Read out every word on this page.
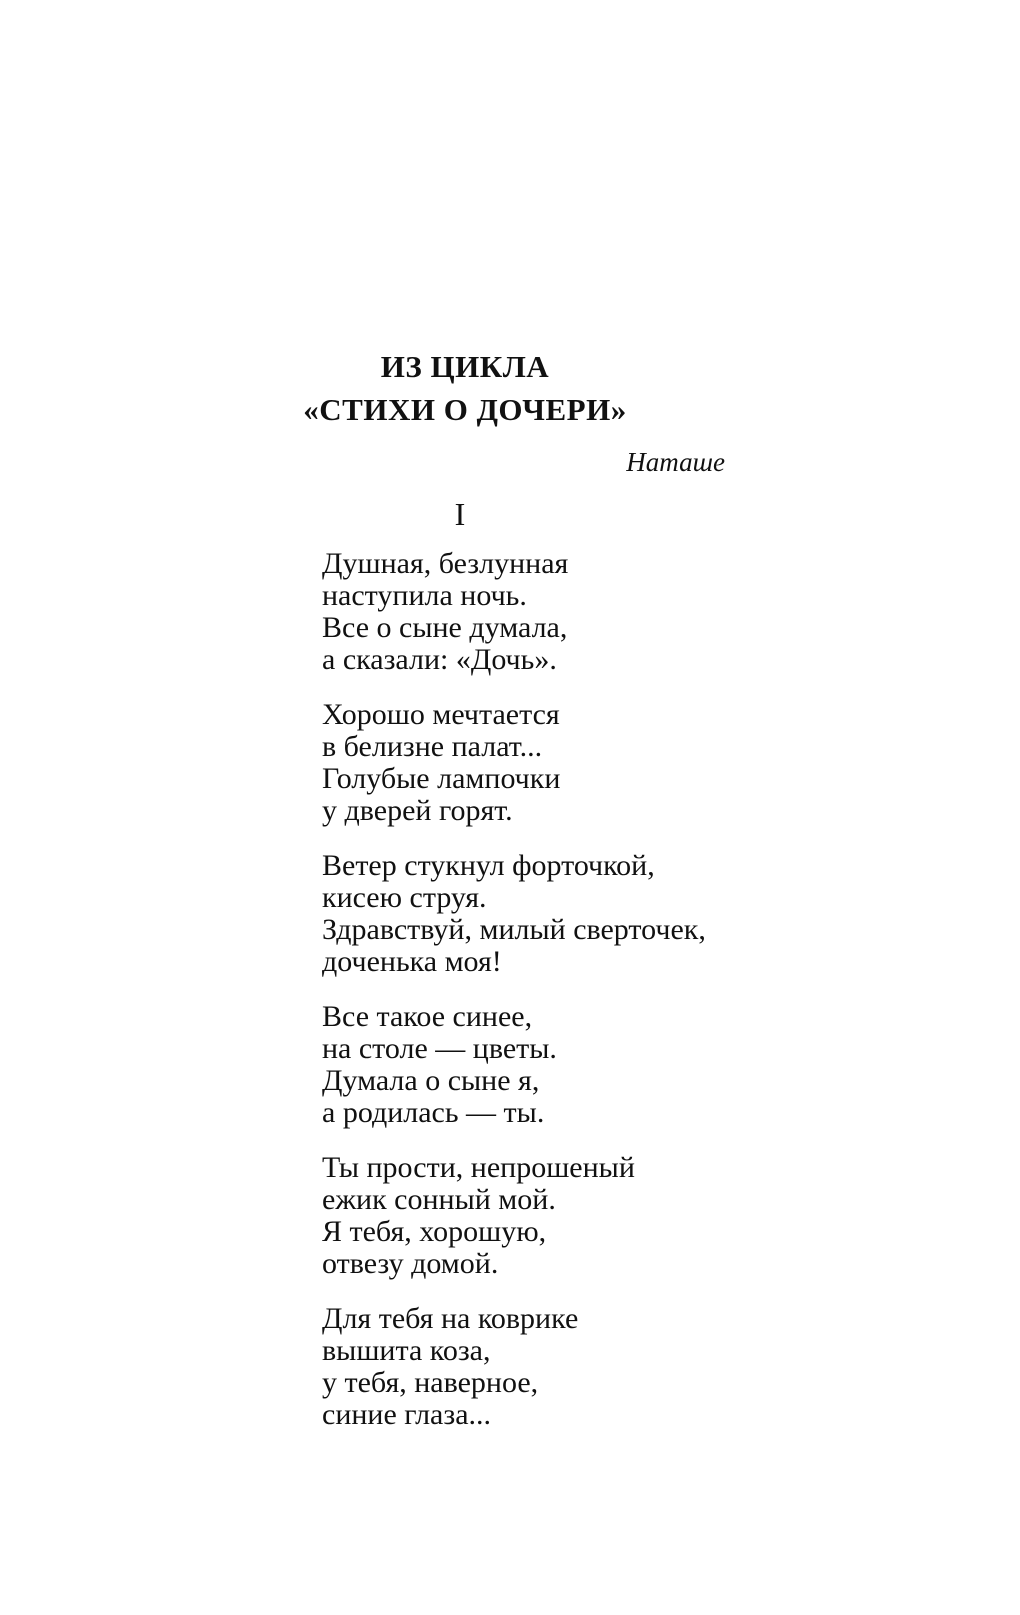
ИЗ ЦИКЛА
«СТИХИ О ДОЧЕРИ»
Наташе
I
Душная, безлунная
наступила ночь.
Все о сыне думала,
а сказали: «Дочь».
Хорошо мечтается
в белизне палат...
Голубые лампочки
у дверей горят.
Ветер стукнул форточкой,
кисею струя.
Здравствуй, милый сверточек,
доченька моя!
Все такое синее,
на столе — цветы.
Думала о сыне я,
а родилась — ты.
Ты прости, непрошеный
ежик сонный мой.
Я тебя, хорошую,
отвезу домой.
Для тебя на коврике
вышита коза,
у тебя, наверное,
синие глаза...
